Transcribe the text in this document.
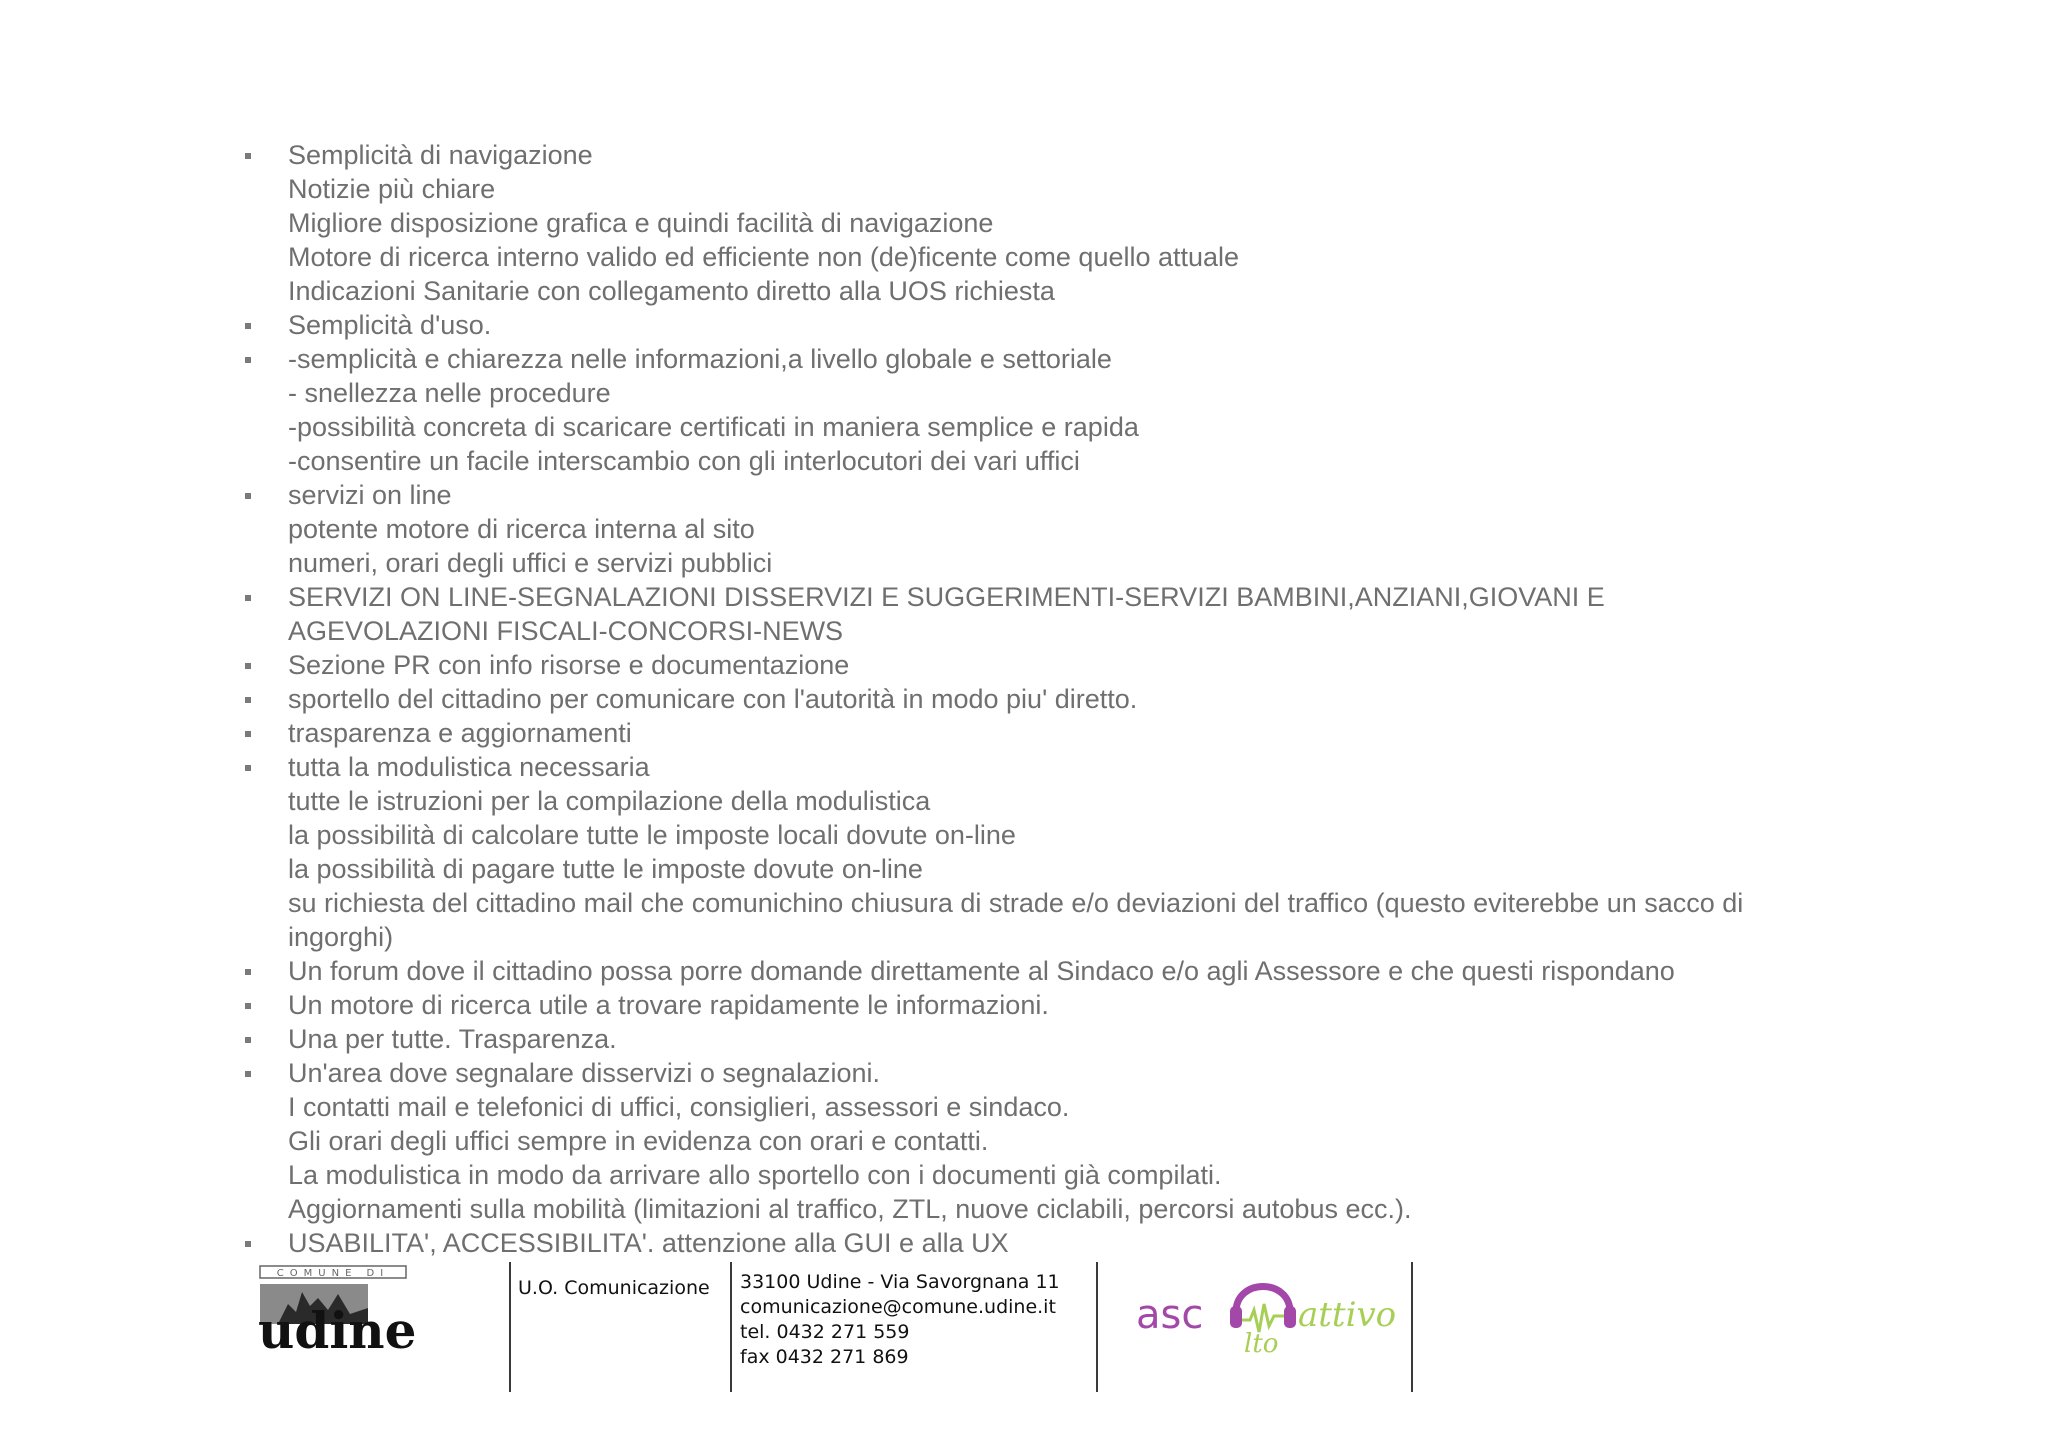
Semplicità di navigazione
Notizie più chiare
Migliore disposizione grafica e quindi facilità di navigazione
Motore di ricerca interno valido ed efficiente non (de)ficente come quello attuale
Indicazioni Sanitarie con collegamento diretto alla UOS richiesta
Semplicità d'uso.
-semplicità e chiarezza nelle informazioni,a livello globale e settoriale
- snellezza nelle procedure
-possibilità concreta di scaricare certificati in maniera semplice e rapida
-consentire un facile interscambio con gli interlocutori dei vari uffici
servizi on line
potente motore di ricerca interna al sito
numeri, orari degli uffici e servizi pubblici
SERVIZI ON LINE-SEGNALAZIONI DISSERVIZI E SUGGERIMENTI-SERVIZI BAMBINI,ANZIANI,GIOVANI E
AGEVOLAZIONI FISCALI-CONCORSI-NEWS
Sezione PR con info risorse e documentazione
sportello del cittadino per comunicare con l'autorità in modo piu' diretto.
trasparenza e aggiornamenti
tutta la modulistica necessaria
tutte le istruzioni per la compilazione della modulistica
la possibilità di calcolare tutte le imposte locali dovute on-line
la possibilità di pagare tutte le imposte dovute on-line
su richiesta del cittadino mail che comunichino chiusura di strade e/o deviazioni del traffico (questo eviterebbe un sacco di
ingorghi)
Un forum dove il cittadino possa porre domande direttamente al Sindaco e/o agli Assessore e che questi rispondano
Un motore di ricerca utile a trovare rapidamente le informazioni.
Una per tutte. Trasparenza.
Un'area dove segnalare disservizi o segnalazioni.
I contatti mail e telefonici di uffici, consiglieri, assessori e sindaco.
Gli orari degli uffici sempre in evidenza con orari e contatti.
La modulistica in modo da arrivare allo sportello con i documenti già compilati.
Aggiornamenti sulla mobilità (limitazioni al traffico, ZTL, nuove ciclabili, percorsi autobus ecc.).
USABILITA', ACCESSIBILITA'. attenzione alla GUI e alla UX
U.O. Comunicazione 33100 Udine - Via Savorgnana 11
comunicazione@comune.udine.it
tel. 0432 271 559
fax 0432 271 869
COMUNE DI
udine	asc
lto
attivo
